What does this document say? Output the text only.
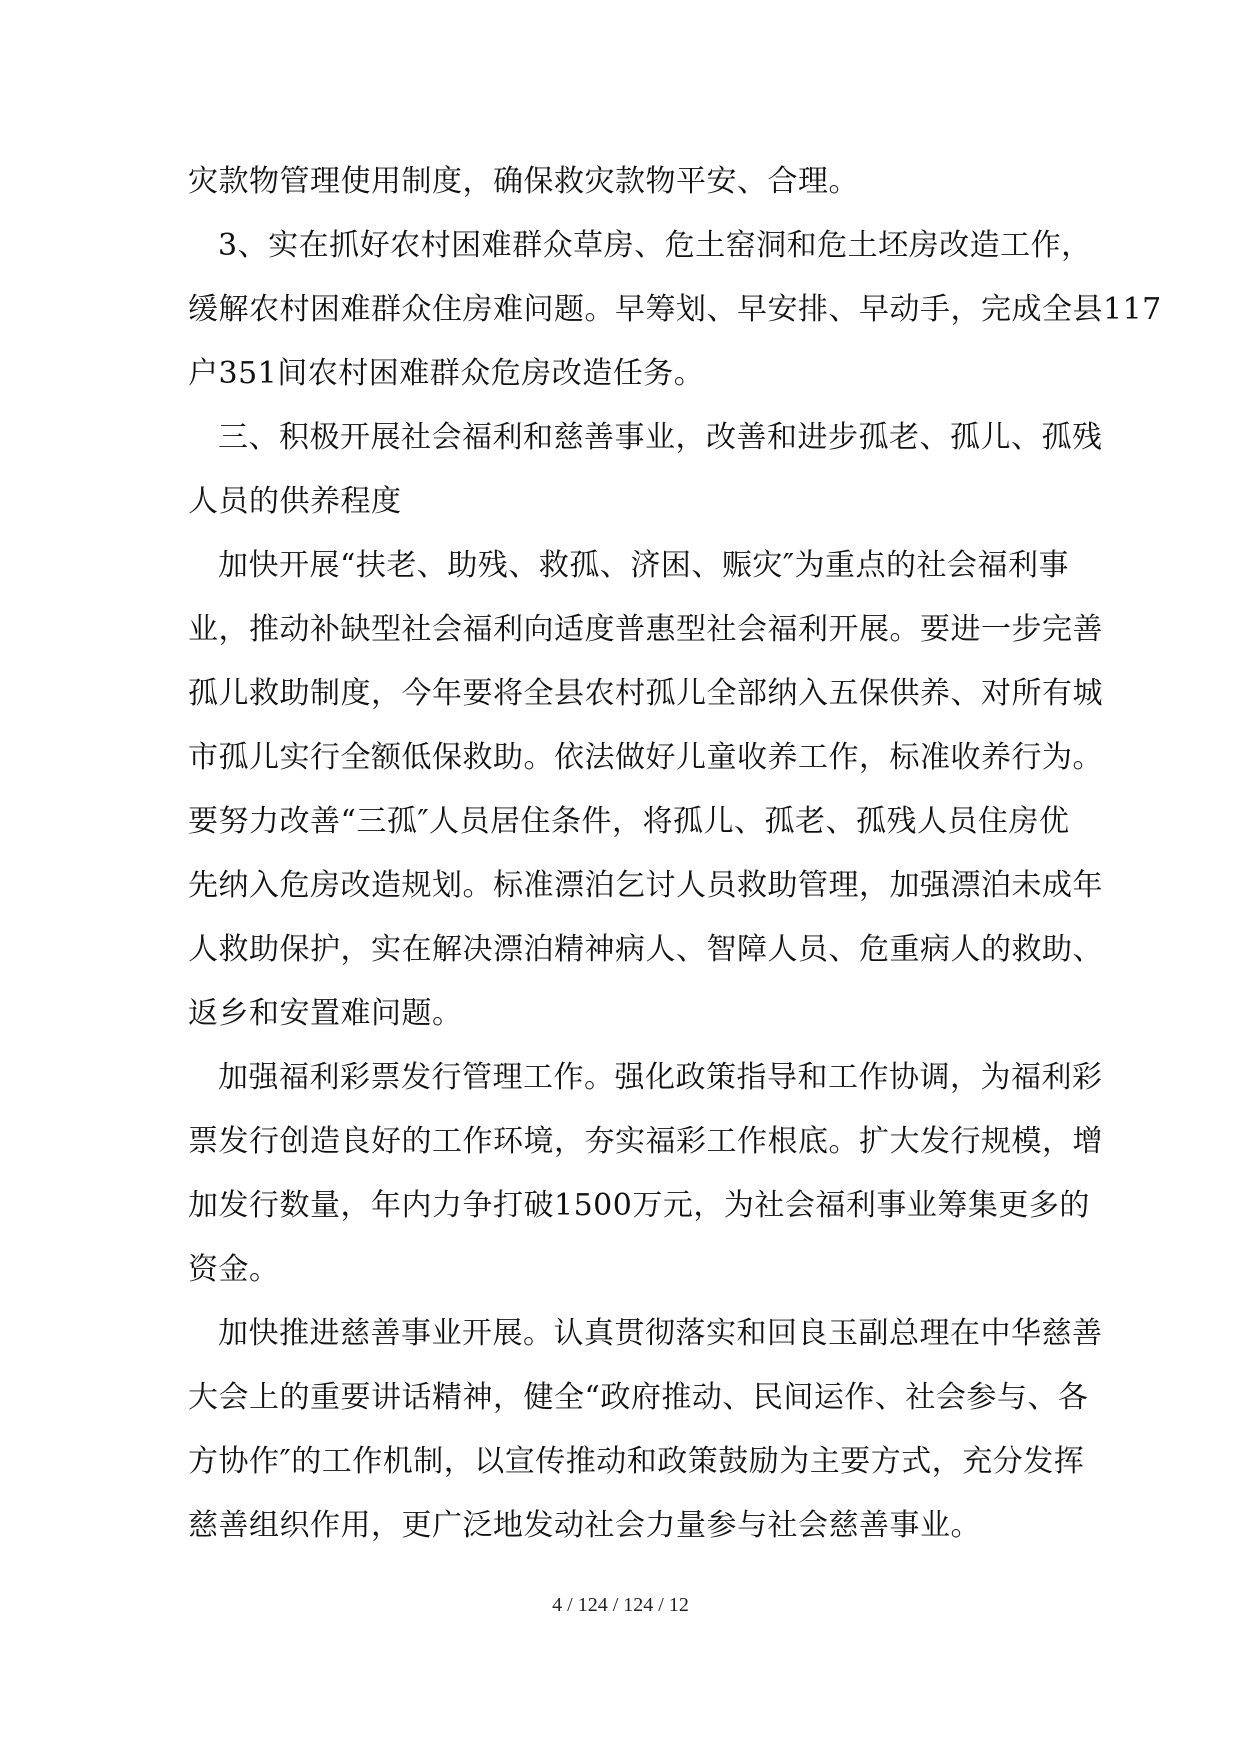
灾款物管理使用制度，确保救灾款物平安、合理。
3、实在抓好农村困难群众草房、危土窑洞和危土坯房改造工作，
缓解农村困难群众住房难问题。早筹划、早安排、早动手，完成全县117
户351间农村困难群众危房改造任务。
三、积极开展社会福利和慈善事业，改善和进步孤老、孤儿、孤残
人员的供养程度
加快开展“扶老、助残、救孤、济困、赈灾″为重点的社会福利事
业，推动补缺型社会福利向适度普惠型社会福利开展。要进一步完善
孤儿救助制度，今年要将全县农村孤儿全部纳入五保供养、对所有城
市孤儿实行全额低保救助。依法做好儿童收养工作，标准收养行为。
要努力改善“三孤″人员居住条件，将孤儿、孤老、孤残人员住房优
先纳入危房改造规划。标准漂泊乞讨人员救助管理，加强漂泊未成年
人救助保护，实在解决漂泊精神病人、智障人员、危重病人的救助、
返乡和安置难问题。
加强福利彩票发行管理工作。强化政策指导和工作协调，为福利彩
票发行创造良好的工作环境，夯实福彩工作根底。扩大发行规模，增
加发行数量，年内力争打破1500万元，为社会福利事业筹集更多的
资金。
加快推进慈善事业开展。认真贯彻落实和回良玉副总理在中华慈善
大会上的重要讲话精神，健全“政府推动、民间运作、社会参与、各
方协作″的工作机制，以宣传推动和政策鼓励为主要方式，充分发挥
慈善组织作用，更广泛地发动社会力量参与社会慈善事业。
4 / 124 / 124 / 12
